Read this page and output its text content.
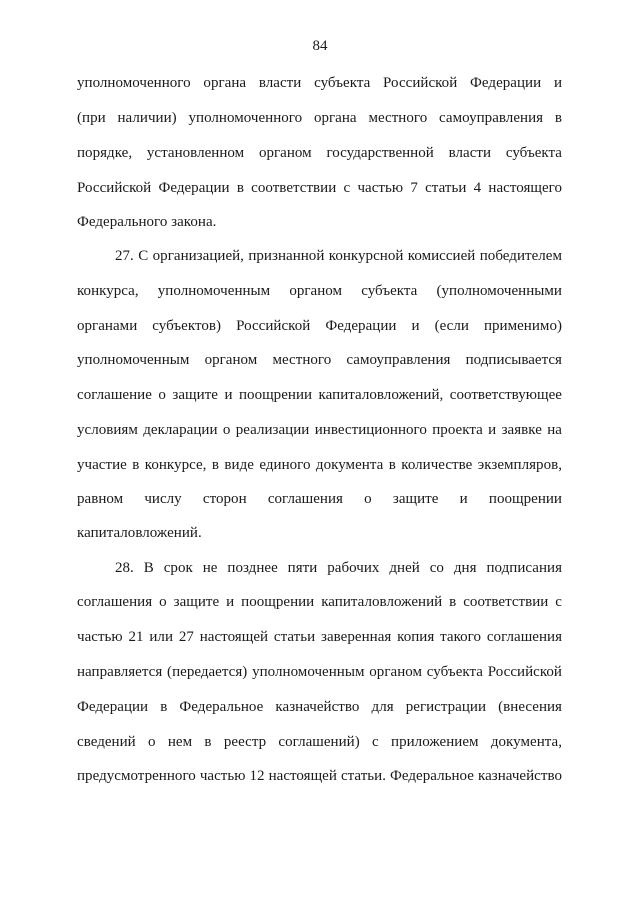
84
уполномоченного органа власти субъекта Российской Федерации и
(при наличии) уполномоченного органа местного самоуправления в
порядке, установленном органом государственной власти субъекта
Российской Федерации в соответствии с частью 7 статьи 4 настоящего
Федерального закона.
27. С организацией, признанной конкурсной комиссией победителем
конкурса, уполномоченным органом субъекта (уполномоченными
органами субъектов) Российской Федерации и (если применимо)
уполномоченным органом местного самоуправления подписывается
соглашение о защите и поощрении капиталовложений, соответствующее
условиям декларации о реализации инвестиционного проекта и заявке на
участие в конкурсе, в виде единого документа в количестве экземпляров,
равном числу сторон соглашения о защите и поощрении
капиталовложений.
28. В срок не позднее пяти рабочих дней со дня подписания
соглашения о защите и поощрении капиталовложений в соответствии с
частью 21 или 27 настоящей статьи заверенная копия такого соглашения
направляется (передается) уполномоченным органом субъекта Российской
Федерации в Федеральное казначейство для регистрации (внесения
сведений о нем в реестр соглашений) с приложением документа,
предусмотренного частью 12 настоящей статьи. Федеральное казначейство
